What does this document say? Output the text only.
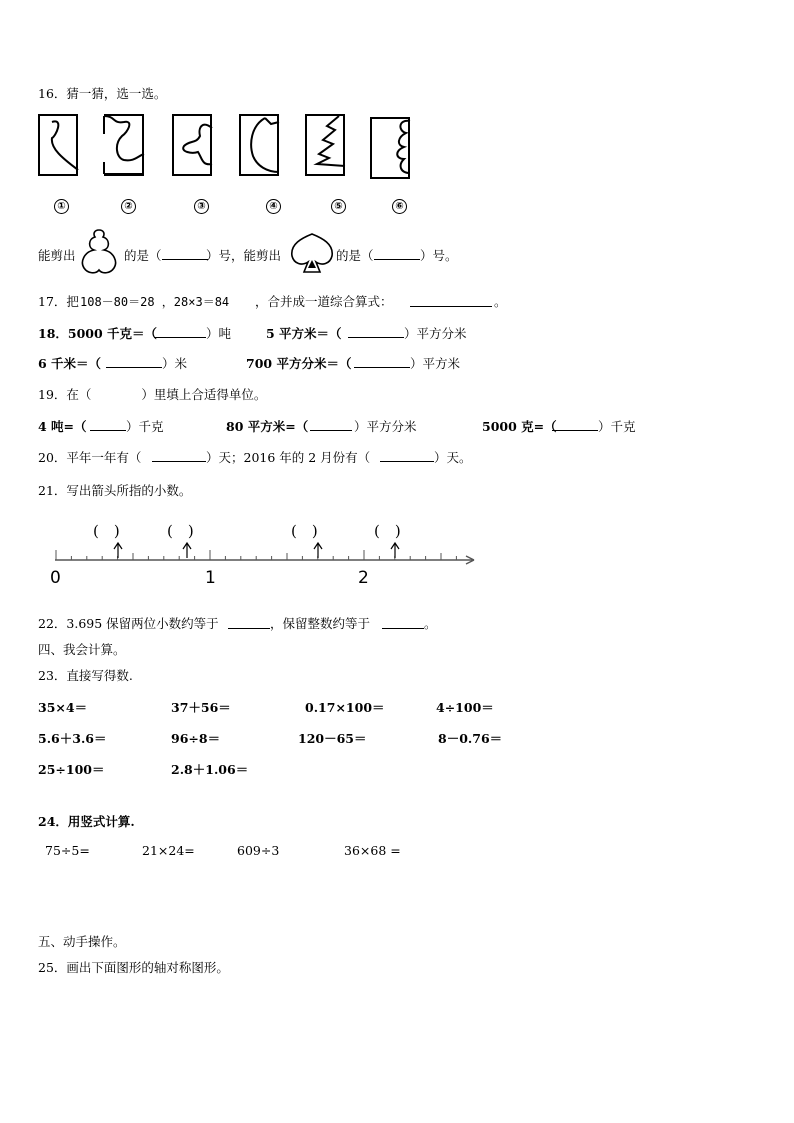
16．猜一猜，选一选。
①	②	③	④	⑤	⑥
能剪出	的是（	）号，能剪出	的是（	）号。
17．把 108－80＝28 ，28×3＝84 ，合并成一道综合算式：	。
18．5000 千克＝（	）吨	5 平方米＝（	）平方分米
6 千米＝（	）米	700 平方分米＝（	）平方米
19．在（　　　　）里填上合适得单位。
4 吨=（	）千克	80 平方米=（	）平方分米	5000 克=（	）千克
20．平年一年有（	）天；2016 年的 2 月份有（	）天。
21．写出箭头所指的小数。
(　)	(　)	(　)	(　)
0	1	2
22．3.695 保留两位小数约等于	，保留整数约等于	。
四、我会计算。
23．直接写得数.
35×4＝	37＋56＝	0.17×100＝	4÷100＝
5.6＋3.6＝	96÷8＝	120－65＝	8－0.76＝
25÷100＝	2.8＋1.06＝
24．用竖式计算.
75÷5=	21×24=	609÷3	36×68 =
五、动手操作。
25．画出下面图形的轴对称图形。
